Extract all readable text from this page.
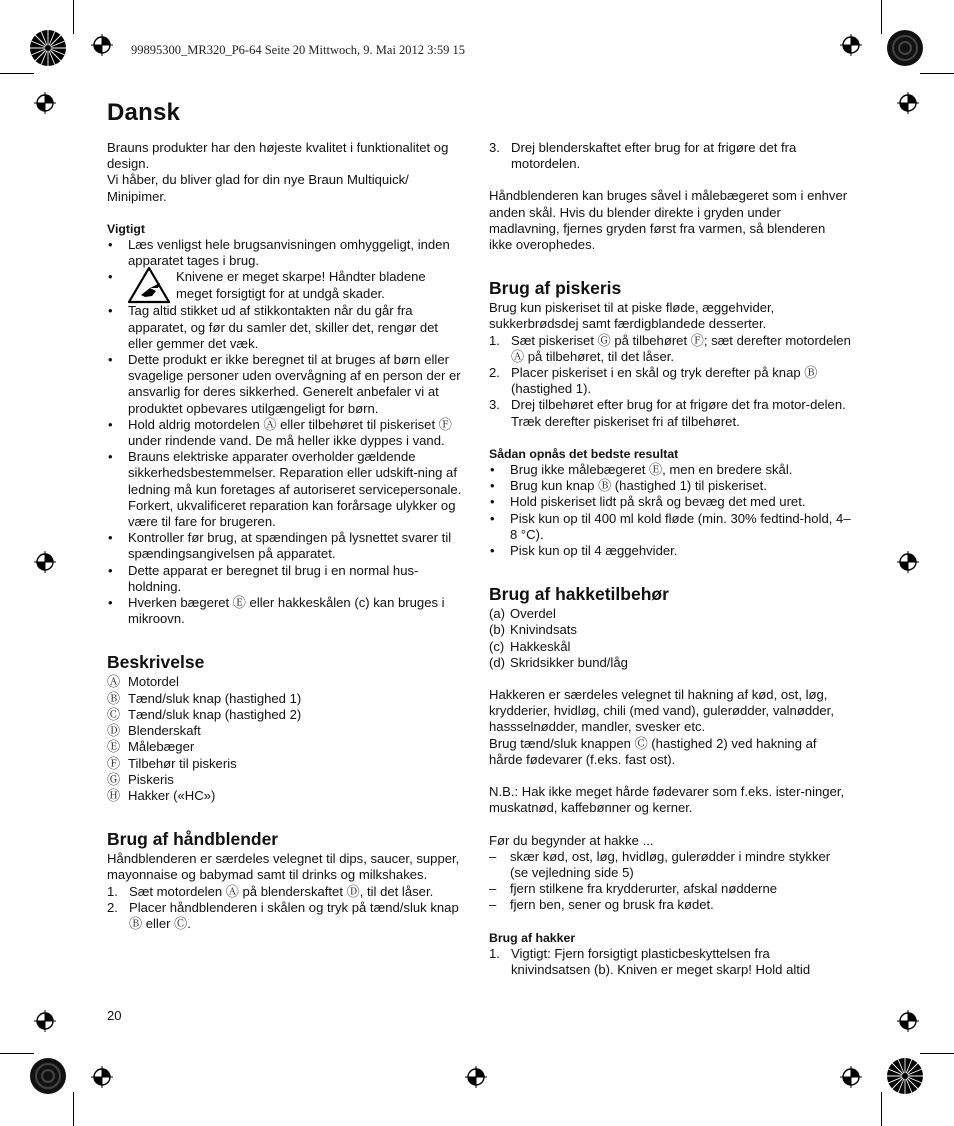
99895300_MR320_P6-64 Seite 20 Mittwoch, 9. Mai 2012 3:59 15
Dansk

Brauns produkter har den højeste kvalitet i funktionalitet og design.

Vi håber, du bliver glad for din nye Braun Multiquick/ Minipimer.

Vigtigt

• Læs venligst hele brugsanvisningen omhyggeligt, inden apparatet tages i brug.
• Knivene er meget skarpe! Håndter bladene meget forsigtigt for at undgå skader.
• Tag altid stikket ud af stikkontakten når du går fra apparatet, og før du samler det, skiller det, rengør det eller gemmer det væk.
• Dette produkt er ikke beregnet til at bruges af børn eller svagelige personer uden overvågning af en person der er ansvarlig for deres sikkerhed. Generelt anbefaler vi at produktet opbevares utilgængeligt for børn.
• Hold aldrig motordelen Ⓐ eller tilbehøret til piskeriset Ⓕ under rindende vand. De må heller ikke dyppes i vand.
• Brauns elektriske apparater overholder gældende sikkerhedsbestemmelser. Reparation eller udskift-ning af ledning må kun foretages af autoriseret servicepersonale. Forkert, ukvalificeret reparation kan forårsage ulykker og være til fare for brugeren.
• Kontroller før brug, at spændingen på lysnettet svarer til spændingsangivelsen på apparatet.
• Dette apparat er beregnet til brug i en normal hus-holdning.
• Hverken bægeret Ⓔ eller hakkeskålen (c) kan bruges i mikroovn.
Beskrivelse
Ⓐ Motordel
Ⓑ Tænd/sluk knap (hastighed 1)
Ⓒ Tænd/sluk knap (hastighed 2)
Ⓓ Blenderskaft
Ⓔ Målebæger
Ⓕ Tilbehør til piskeris
Ⓖ Piskeris
Ⓗ Hakker («HC»)
Brug af håndblender

Håndblenderen er særdeles velegnet til dips, saucer, supper, mayonnaise og babymad samt til drinks og milkshakes.

1. Sæt motordelen Ⓐ på blenderskaftet Ⓓ, til det låser.
2. Placer håndblenderen i skålen og tryk på tænd/sluk knap Ⓑ eller Ⓒ.
3. Drej blenderskaftet efter brug for at frigøre det fra motordelen.

Håndblenderen kan bruges såvel i målebægeret som i enhver anden skål. Hvis du blender direkte i gryden under madlavning, fjernes gryden først fra varmen, så blenderen ikke overophedes.

Brug af piskeris

Brug kun piskeriset til at piske fløde, æggehvider, sukkerbrødsdej samt færdigblandede desserter.

1. Sæt piskeriset Ⓖ på tilbehøret Ⓕ; sæt derefter motordelen Ⓐ på tilbehøret, til det låser.
2. Placer piskeriset i en skål og tryk derefter på knap Ⓑ (hastighed 1).
3. Drej tilbehøret efter brug for at frigøre det fra motor-delen. Træk derefter piskeriset fri af tilbehøret.

Sådan opnås det bedste resultat

• Brug ikke målebægeret Ⓔ, men en bredere skål.
• Brug kun knap Ⓑ (hastighed 1) til piskeriset.
• Hold piskeriset lidt på skrå og bevæg det med uret.
• Pisk kun op til 400 ml kold fløde (min. 30% fedtind-hold, 4–8 °C).
• Pisk kun op til 4 æggehvider.
Brug af hakketilbehør
(a) Overdel
(b) Knivindsats
(c) Hakkeskål
(d) Skridsikker bund/låg

Hakkeren er særdeles velegnet til hakning af kød, ost, løg, krydderier, hvidløg, chili (med vand), gulerødder, valnødder, hassselnødder, mandler, svesker etc.

Brug tænd/sluk knappen Ⓒ (hastighed 2) ved hakning af hårde fødevarer (f.eks. fast ost).

N.B.: Hak ikke meget hårde fødevarer som f.eks. ister-ninger, muskatnød, kaffebønner og kerner.

Før du begynder at hakke ...

– skær kød, ost, løg, hvidløg, gulerødder i mindre stykker (se vejledning side 5)
– fjern stilkene fra krydderurter, afskal nødderne
– fjern ben, sener og brusk fra kødet.

Brug af hakker

1. Vigtigt: Fjern forsigtigt plasticbeskyttelsen fra knivindsatsen (b). Kniven er meget skarp! Hold altid
20
